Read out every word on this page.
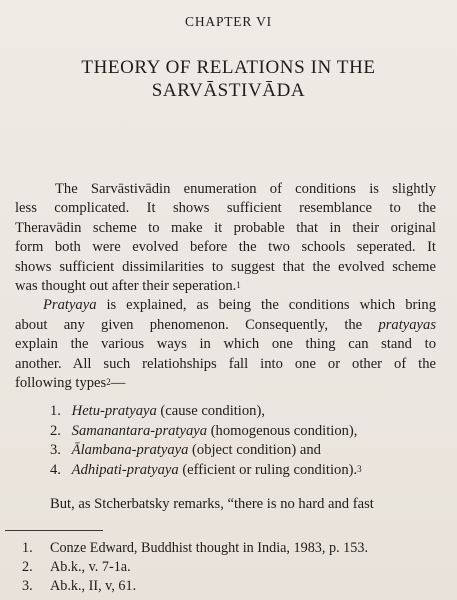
CHAPTER VI
THEORY OF RELATIONS IN THE
SARVĀSTIVĀDA
The Sarvāstivādin enumeration of conditions is slightly
less complicated. It shows sufficient resemblance to the
Theravādin scheme to make it probable that in their original
form both were evolved before the two schools seperated. It
shows sufficient dissimilarities to suggest that the evolved scheme
was thought out after their seperation.$^1$
Pratyaya is explained, as being the conditions which bring
about any given phenomenon. Consequently, the pratyayas
explain the various ways in which one thing can stand to
another. All such relatiohships fall into one or other of the
following types$^2$—
1. Hetu-pratyaya (cause condition),
2. Samanantara-pratyaya (homogenous condition),
3. Ālambana-pratyaya (object condition) and
4. Adhipati-pratyaya (efficient or ruling condition).$^3$
But, as Stcherbatsky remarks, “there is no hard and fast
1. Conze Edward, Buddhist thought in India, 1983, p. 153.
2. Ab.k., v. 7-1a.
3. Ab.k., II, v, 61.
